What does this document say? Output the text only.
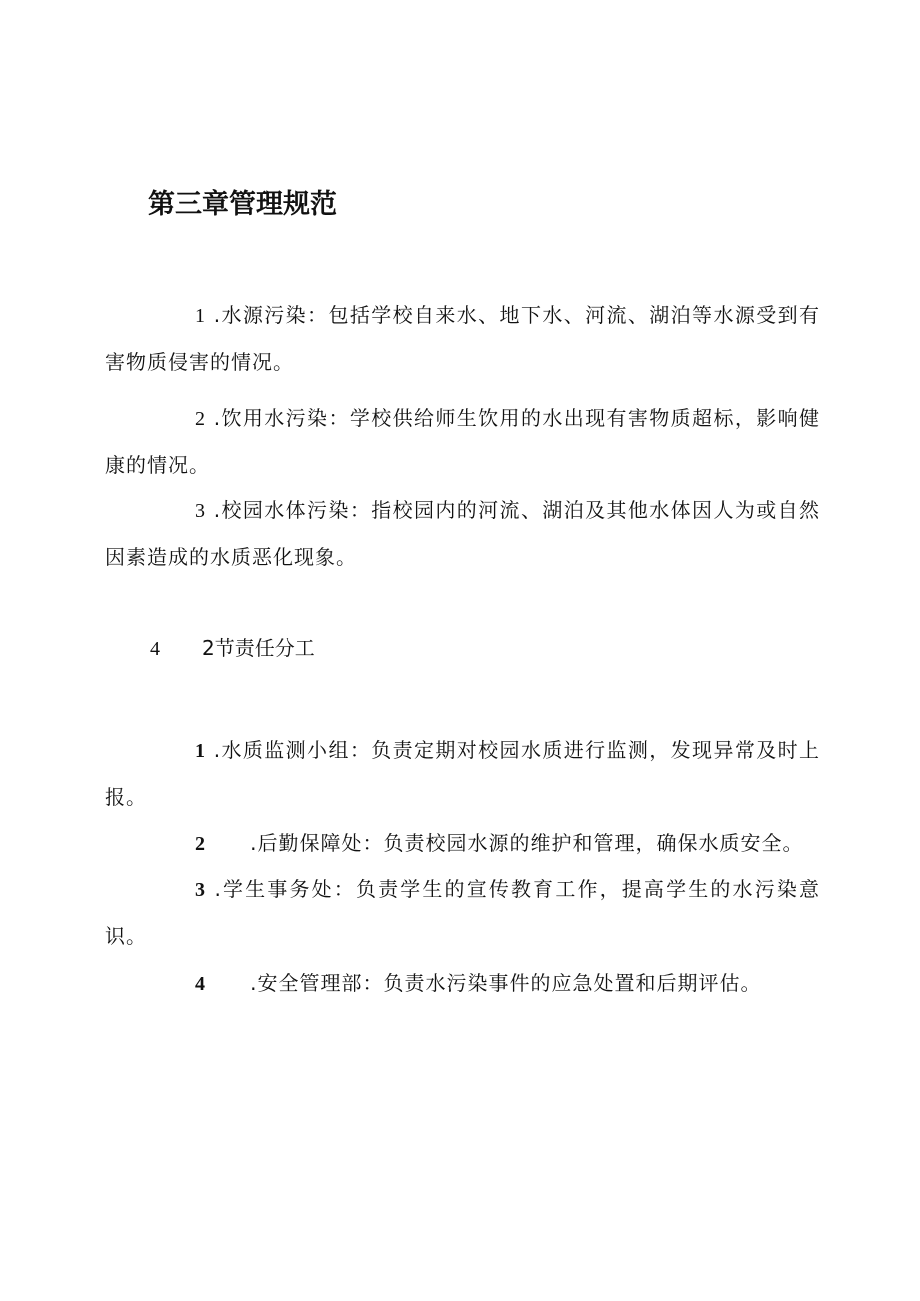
第三章管理规范
1 .水源污染：包括学校自来水、地下水、河流、湖泊等水源受到有害物质侵害的情况。
2 .饮用水污染：学校供给师生饮用的水出现有害物质超标，影响健康的情况。
3 .校园水体污染：指校园内的河流、湖泊及其他水体因人为或自然因素造成的水质恶化现象。
4 2节责任分工
1 .水质监测小组：负责定期对校园水质进行监测，发现异常及时上报。
2      .后勤保障处：负责校园水源的维护和管理，确保水质安全。
3 .学生事务处：负责学生的宣传教育工作，提高学生的水污染意识。
4      .安全管理部：负责水污染事件的应急处置和后期评估。
